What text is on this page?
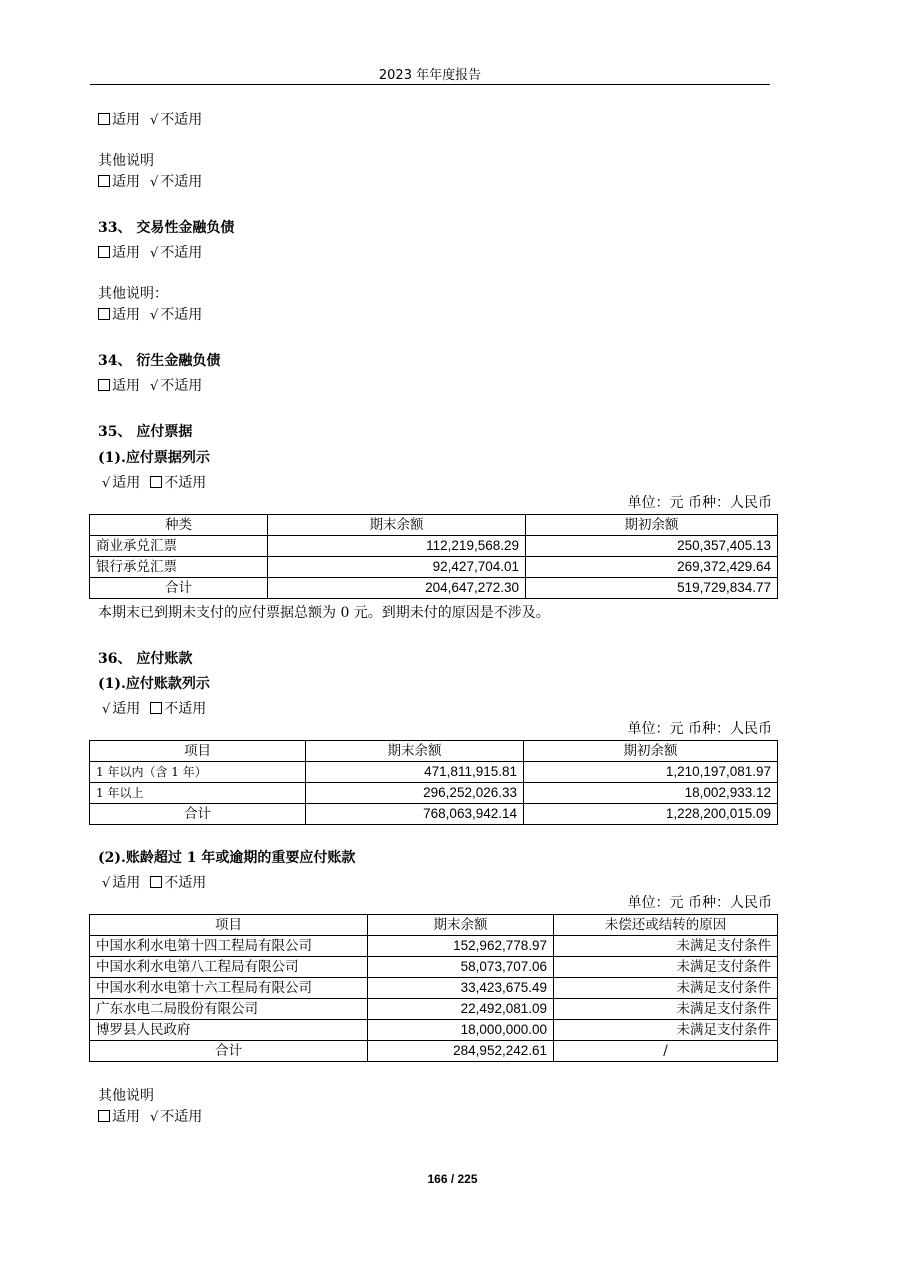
2023 年年度报告
适用 √ 不适用
其他说明
适用 √ 不适用
33、 交易性金融负债
适用 √ 不适用
其他说明：
适用 √ 不适用
34、 衍生金融负债
适用 √ 不适用
35、 应付票据
(1).应付票据列示
√ 适用 不适用
单位：元 币种：人民币
种类	期末余额	期初余额
商业承兑汇票	112,219,568.29	250,357,405.13
银行承兑汇票	92,427,704.01	269,372,429.64
合计	204,647,272.30	519,729,834.77
本期末已到期未支付的应付票据总额为 0 元。到期未付的原因是不涉及。
36、 应付账款
(1).应付账款列示
√ 适用 不适用
单位：元 币种：人民币
项目	期末余额	期初余额
1 年以内（含 1 年）	471,811,915.81	1,210,197,081.97
1 年以上	296,252,026.33	18,002,933.12
合计	768,063,942.14	1,228,200,015.09
(2).账龄超过 1 年或逾期的重要应付账款
√ 适用 不适用
单位：元 币种：人民币
项目	期末余额	未偿还或结转的原因
中国水利水电第十四工程局有限公司	152,962,778.97	未满足支付条件
中国水利水电第八工程局有限公司	58,073,707.06	未满足支付条件
中国水利水电第十六工程局有限公司	33,423,675.49	未满足支付条件
广东水电二局股份有限公司	22,492,081.09	未满足支付条件
博罗县人民政府	18,000,000.00	未满足支付条件
合计	284,952,242.61	/
其他说明
适用 √ 不适用
166 / 225
